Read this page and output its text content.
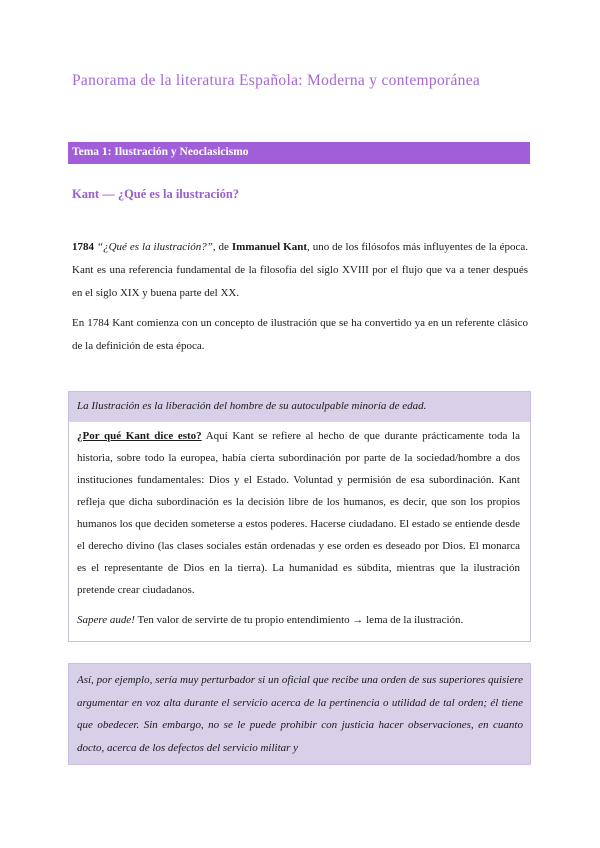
Panorama de la literatura Española: Moderna y contemporánea
Tema 1: Ilustración y Neoclasicismo
Kant — ¿Qué es la ilustración?
1784 “¿Qué es la ilustración?”, de Immanuel Kant, uno de los filósofos más influyentes de la época. Kant es una referencia fundamental de la filosofía del siglo XVIII por el flujo que va a tener después en el siglo XIX y buena parte del XX.
En 1784 Kant comienza con un concepto de ilustración que se ha convertido ya en un referente clásico de la definición de esta época.
La Ilustración es la liberación del hombre de su autoculpable minoría de edad.
¿Por qué Kant dice esto? Aquí Kant se refiere al hecho de que durante prácticamente toda la historia, sobre todo la europea, había cierta subordinación por parte de la sociedad/hombre a dos instituciones fundamentales: Dios y el Estado. Voluntad y permisión de esa subordinación. Kant refleja que dicha subordinación es la decisión libre de los humanos, es decir, que son los propios humanos los que deciden someterse a estos poderes. Hacerse ciudadano. El estado se entiende desde el derecho divino (las clases sociales están ordenadas y ese orden es deseado por Dios. El monarca es el representante de Dios en la tierra). La humanidad es súbdita, mientras que la ilustración pretende crear ciudadanos.
Sapere aude! Ten valor de servirte de tu propio entendimiento → lema de la ilustración.
Así, por ejemplo, sería muy perturbador si un oficial que recibe una orden de sus superiores quisiere argumentar en voz alta durante el servicio acerca de la pertinencia o utilidad de tal orden; él tiene que obedecer. Sin embargo, no se le puede prohibir con justicia hacer observaciones, en cuanto docto, acerca de los defectos del servicio militar y
